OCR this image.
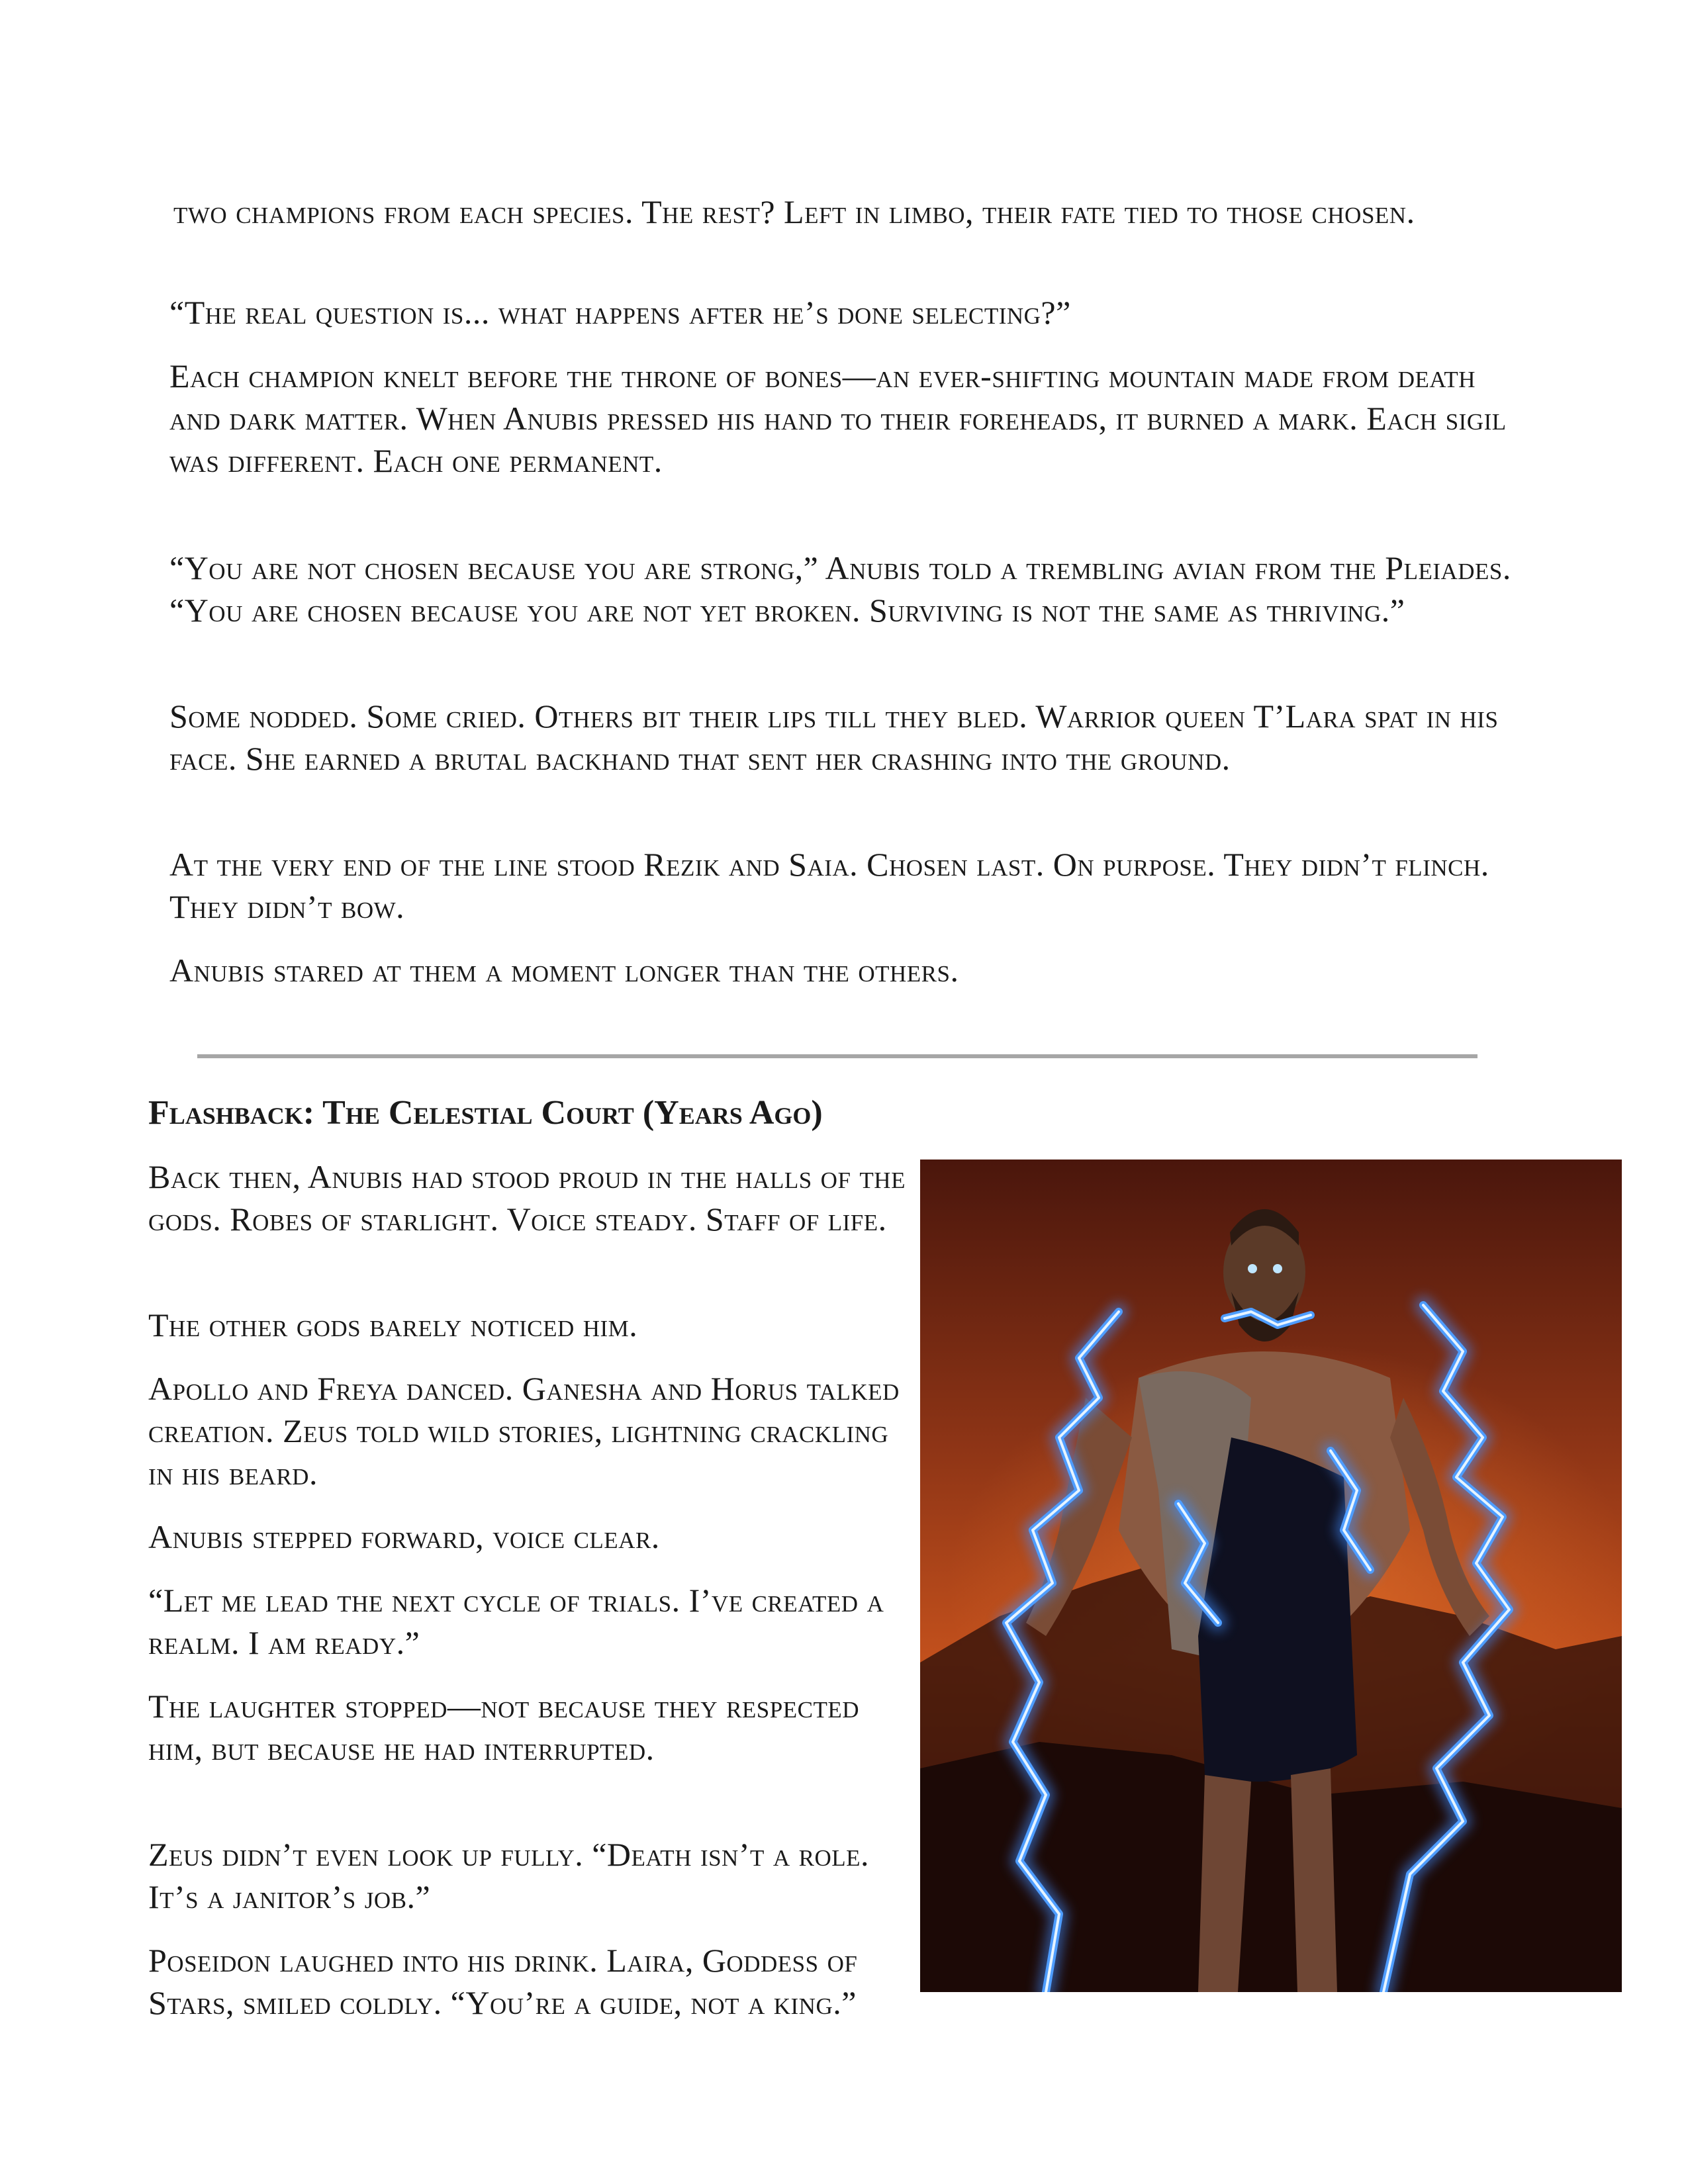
two champions from each species. The rest? Left in limbo, their fate tied to those chosen.

“The real question is... what happens after he’s done selecting?”

Each champion knelt before the throne of bones—an ever-shifting mountain made from death and dark matter. When Anubis pressed his hand to their foreheads, it burned a mark. Each sigil was different. Each one permanent.

“You are not chosen because you are strong,” Anubis told a trembling avian from the Pleiades. “You are chosen because you are not yet broken. Surviving is not the same as thriving.”

Some nodded. Some cried. Others bit their lips till they bled. Warrior queen T’Lara spat in his face. She earned a brutal backhand that sent her crashing into the ground.

At the very end of the line stood Rezik and Saia. Chosen last. On purpose. They didn’t flinch. They didn’t bow.

Anubis stared at them a moment longer than the others.

Flashback: The Celestial Court (Years Ago)

Back then, Anubis had stood proud in the halls of the gods. Robes of starlight. Voice steady. Staff of life.

The other gods barely noticed him.

Apollo and Freya danced. Ganesha and Horus talked creation. Zeus told wild stories, lightning crackling in his beard.

Anubis stepped forward, voice clear.

“Let me lead the next cycle of trials. I’ve created a realm. I am ready.”

The laughter stopped—not because they respected him, but because he had interrupted.

Zeus didn’t even look up fully. “Death isn’t a role. It’s a janitor’s job.”

Poseidon laughed into his drink. Laira, Goddess of Stars, smiled coldly. “You’re a guide, not a king.”
